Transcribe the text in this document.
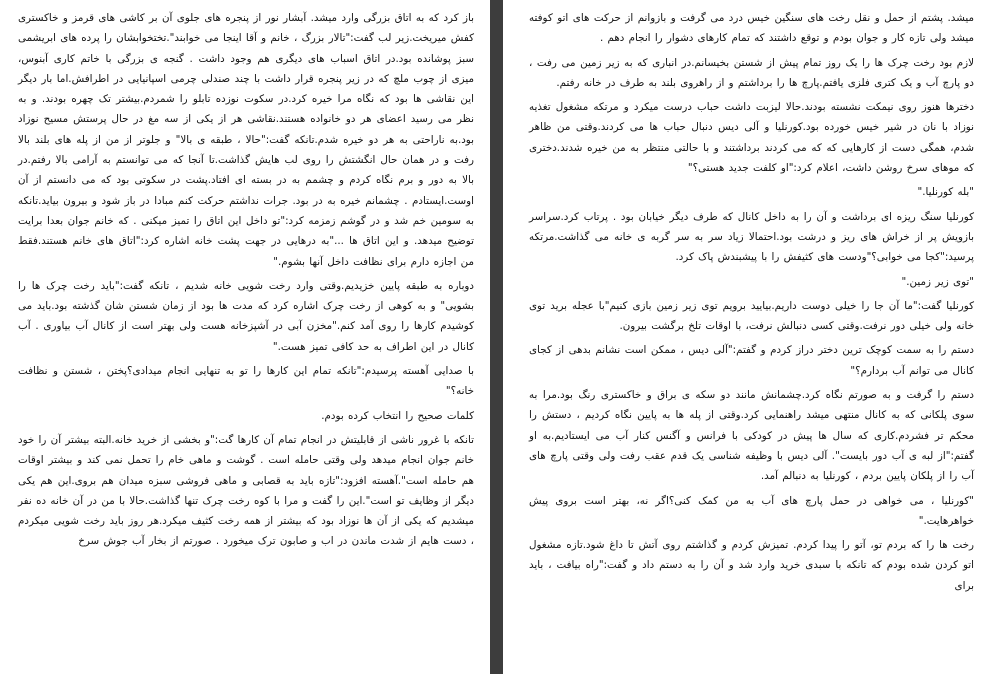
باز کرد که به اتاق بزرگی وارد میشد. آبشار نور از پنجره های جلوی آن بر کاشی های قرمز و خاکستری کفش میریخت.زیر لب گفت:"تالار بزرگ ، خانم و آقا اینجا می خوابند".تختخوابشان را پرده های ابریشمی سبز پوشانده بود.در اتاق اسباب های دیگری هم وجود داشت . گنجه ی بزرگی با خاتم کاری آبنوس، میزی از چوب ملچ که در زیر پنجره قرار داشت با چند صندلی چرمی اسپانیایی در اطرافش.اما بار دیگر این نقاشی ها بود که نگاه مرا خیره کرد.در سکوت نوزده تابلو را شمردم.بیشتر تک چهره بودند. و به نظر می رسید اعضای هر دو خانواده هستند.نقاشی هر از یکی از سه مغ در حال پرستش مسیح نوزاد بود.به ناراحتی به هر دو خیره شدم.تانکه گفت:"حالا ، طبقه ی بالا" و جلوتر از من از پله های بلند بالا رفت و در همان حال انگشتش را روی لب هایش گذاشت.تا آنجا که می توانستم به آرامی بالا رفتم.در بالا به دور و برم نگاه کردم و چشمم به در بسته ای افتاد.پشت در سکوتی بود که می دانستم از آن اوست.ایستادم . چشمانم خیره به در بود. جرات نداشتم حرکت کنم مبادا در باز شود و بیرون بیاید.تانکه به سومین خم شد و در گوشم زمزمه کرد:"تو داخل این اتاق را تمیز میکنی . که خانم جوان بعدا برایت توضیح میدهد. و این اتاق ها ..."به درهایی در جهت پشت خانه اشاره کرد:"اتاق های خانم هستند.فقط من اجازه دارم برای نظافت داخل آنها بشوم."

دوباره به طبقه پایین خزیدیم.وقتی وارد رخت شویی خانه شدیم ، تانکه گفت:"باید رخت چرک ها را بشویی" و به کوهی از رخت چرک اشاره کرد که مدت ها بود از زمان شستن شان گذشته بود.باید می کوشیدم کارها را روی آمد کنم."مخزن آبی در آشپزخانه هست ولی بهتر است از کانال آب بیاوری . آب کانال در این اطراف به حد کافی تمیز هست."

با صدایی آهسته پرسیدم:"تانکه تمام این کارها را تو به تنهایی انجام میدادی؟پختن ، شستن و نظافت خانه؟"

کلمات صحیح را انتخاب کرده بودم.

تانکه با غرور ناشی از قابلیتش در انجام تمام آن کارها گت:"و بخشی از خرید خانه.البته بیشتر آن را خود خانم جوان انجام میدهد ولی وقتی حامله است . گوشت و ماهی خام را تحمل نمی کند و بیشتر اوقات هم حامله است".آهسته افزود:"تازه باید به قصابی و ماهی فروشی سبزه میدان هم بروی.این هم یکی دیگر از وظایف تو است".این را گفت و مرا با کوه رخت چرک تنها گذاشت.حالا با من در آن خانه ده نفر میشدیم که یکی از آن ها نوزاد بود که بیشتر از همه رخت کثیف میکرد.هر روز باید رخت شویی میکردم ، دست هایم از شدت ماندن در اب و صابون ترک میخورد . صورتم از بخار آب جوش سرخ

میشد. پشتم از حمل و نقل رخت های سنگین خیس درد می گرفت و بازوانم از حرکت های اتو کوفته میشد ولی تازه کار و جوان بودم و توقع داشتند که تمام کارهای دشوار را انجام دهم .

لازم بود رخت چرک ها را یک روز تمام پیش از شستن بخیسانم.در انباری که به زیر زمین می رفت ، دو پارچ آب و یک کتری فلزی یافتم.پارچ ها را برداشتم و از راهروی بلند به طرف در خانه رفتم.

دخترها هنوز روی نیمکت نشسته بودند.حالا لیزبت داشت حباب درست میکرد و مرتکه مشغول تغذیه نوزاد با نان در شیر خیس خورده بود.کورنلیا و آلی دیس دنبال حباب ها می کردند.وقتی من ظاهر شدم، همگی دست از کارهایی که که می کردند برداشتند و با حالتی منتظر به من خیره شدند.دختری که موهای سرخ روشن داشت، اعلام کرد:"او کلفت جدید هستی؟"

"بله کورنلیا."

کورنلیا سنگ ریزه ای برداشت و آن را به داخل کانال که طرف دیگر خیابان بود . پرتاب کرد.سراسر بازویش پر از خراش های ریز و درشت بود.احتمالا زیاد سر به سر گربه ی خانه می گذاشت.مرتکه پرسید:"کجا می خوابی؟"ودست های کثیفش را با پیشبندش پاک کرد.

"توی زیر زمین."

کورنلیا گفت:"ما آن جا را خیلی دوست داریم.بیایید برویم توی زیر زمین بازی کنیم"با عجله برید توی خانه ولی خیلی دور نرفت.وقتی کسی دنبالش نرفت، با اوقات تلخ برگشت بیرون.

دستم را به سمت کوچک ترین دختر دراز کردم و گفتم:"آلی دیس ، ممکن است نشانم بدهی از کجای کانال می توانم آب بردارم؟"

دستم را گرفت و به صورتم نگاه کرد.چشمانش مانند دو سکه ی براق و خاکستری رنگ بود.مرا به سوی پلکانی که به کانال منتهی میشد راهنمایی کرد.وقتی از پله ها به پایین نگاه کردیم ، دستش را محکم تر فشردم.کاری که سال ها پیش در کودکی با فرانس و آگنس کنار آب می ایستادیم.به او گفتم:"از لبه ی آب دور بایست". آلی دیس با وظیفه شناسی یک قدم عقب رفت ولی وقتی پارچ های آب را از پلکان پایین بردم ، کورنلیا به دنبالم آمد.

"کورنلیا ، می خواهی در حمل پارچ های آب به من کمک کنی؟اگر نه، بهتر است بروی پیش خواهرهایت."

رخت ها را که بردم تو، آتو را پیدا کردم. تمیزش کردم و گذاشتم روی آتش تا داغ شود.تازه مشغول اتو کردن شده بودم که تانکه با سبدی خرید وارد شد و آن را به دستم داد و گفت:"راه بیافت ، باید برای
